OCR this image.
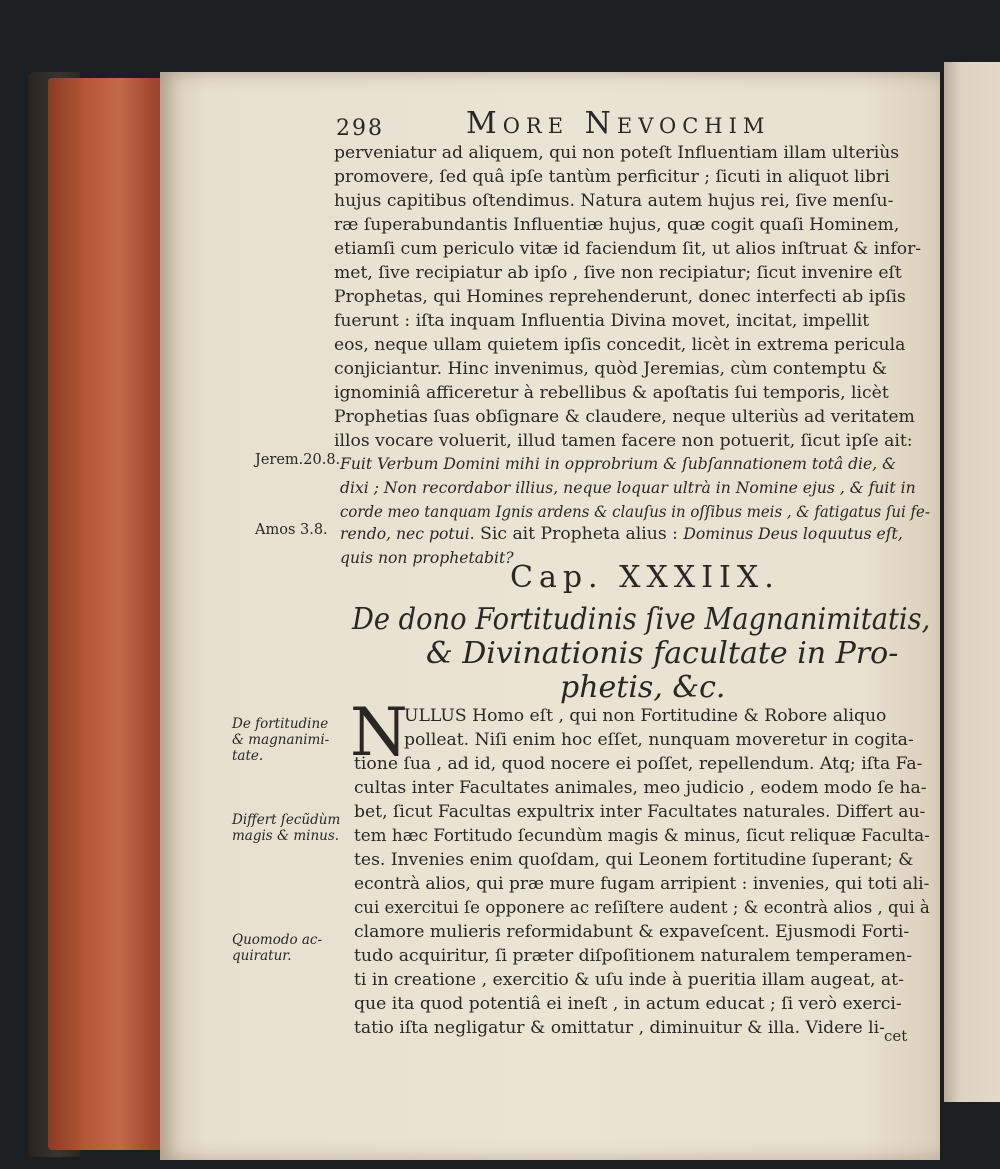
298	More Nevochim
perveniatur ad aliquem, qui non poteſt Influentiam illam ulteriùs
promovere, ſed quâ ipſe tantùm perficitur ; ſicuti in aliquot libri
hujus capitibus oſtendimus. Natura autem hujus rei, ſive menſu-
ræ ſuperabundantis Influentiæ hujus, quæ cogit quaſi Hominem,
etiamſi cum periculo vitæ id faciendum ſit, ut alios inſtruat & infor-
met, ſive recipiatur ab ipſo , ſive non recipiatur; ſicut invenire eſt
Prophetas, qui Homines reprehenderunt, donec interfecti ab ipſis
fuerunt : iſta inquam Influentia Divina movet, incitat, impellit
eos, neque ullam quietem ipſis concedit, licèt in extrema pericula
conjiciantur. Hinc invenimus, quòd Jeremias, cùm contemptu &
ignominiâ afficeretur à rebellibus & apoſtatis ſui temporis, licèt
Prophetias ſuas obſignare & claudere, neque ulteriùs ad veritatem
illos vocare voluerit, illud tamen facere non potuerit, ſicut ipſe ait:
Jerem.20.8. Fuit Verbum Domini mihi in opprobrium & ſubſannationem totâ die, &
dixi ; Non recordabor illius, neque loquar ultrà in Nomine ejus , & fuit in
corde meo tanquam Ignis ardens & clauſus in oſſibus meis , & fatigatus ſui fe-
Amos 3.8. rendo, nec potui. Sic ait Propheta alius : Dominus Deus loquutus eſt,
quis non prophetabit?
Cap. XXXIIX.
De dono Fortitudinis ſive Magnanimitatis,
& Divinationis facultate in Pro-
phetis, &c.
De fortitudine
& magnanimi-
tate.
Differt ſecũdùm
magis & minus.
Quomodo ac-
quiratur.
N
ULLUS Homo eſt , qui non Fortitudine & Robore aliquo
polleat. Niſi enim hoc eſſet, nunquam moveretur in cogita-
tione ſua , ad id, quod nocere ei poſſet, repellendum. Atq; iſta Fa-
cultas inter Facultates animales, meo judicio , eodem modo ſe ha-
bet, ſicut Facultas expultrix inter Facultates naturales. Differt au-
tem hæc Fortitudo ſecundùm magis & minus, ſicut reliquæ Faculta-
tes. Invenies enim quoſdam, qui Leonem fortitudine ſuperant; &
econtrà alios, qui præ mure fugam arripient : invenies, qui toti ali-
cui exercitui ſe opponere ac reſiſtere audent ; & econtrà alios , qui à
clamore mulieris reformidabunt & expaveſcent. Ejusmodi Forti-
tudo acquiritur, ſi præter diſpoſitionem naturalem temperamen-
ti in creatione , exercitio & uſu inde à pueritia illam augeat, at-
que ita quod potentiâ ei ineſt , in actum educat ; ſi verò exerci-
tatio iſta negligatur & omittatur , diminuitur & illa. Videre li- cet
